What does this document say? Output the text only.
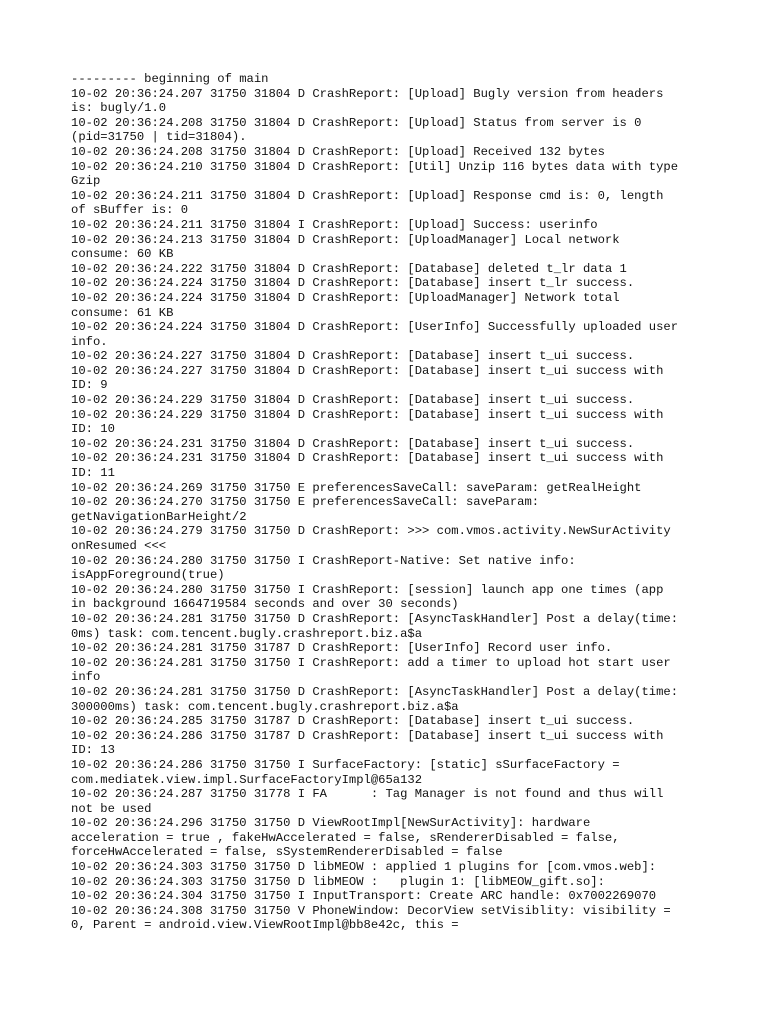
--------- beginning of main
10-02 20:36:24.207 31750 31804 D CrashReport: [Upload] Bugly version from headers
is: bugly/1.0
10-02 20:36:24.208 31750 31804 D CrashReport: [Upload] Status from server is 0
(pid=31750 | tid=31804).
10-02 20:36:24.208 31750 31804 D CrashReport: [Upload] Received 132 bytes
10-02 20:36:24.210 31750 31804 D CrashReport: [Util] Unzip 116 bytes data with type
Gzip
10-02 20:36:24.211 31750 31804 D CrashReport: [Upload] Response cmd is: 0, length
of sBuffer is: 0
10-02 20:36:24.211 31750 31804 I CrashReport: [Upload] Success: userinfo
10-02 20:36:24.213 31750 31804 D CrashReport: [UploadManager] Local network
consume: 60 KB
10-02 20:36:24.222 31750 31804 D CrashReport: [Database] deleted t_lr data 1
10-02 20:36:24.224 31750 31804 D CrashReport: [Database] insert t_lr success.
10-02 20:36:24.224 31750 31804 D CrashReport: [UploadManager] Network total
consume: 61 KB
10-02 20:36:24.224 31750 31804 D CrashReport: [UserInfo] Successfully uploaded user
info.
10-02 20:36:24.227 31750 31804 D CrashReport: [Database] insert t_ui success.
10-02 20:36:24.227 31750 31804 D CrashReport: [Database] insert t_ui success with
ID: 9
10-02 20:36:24.229 31750 31804 D CrashReport: [Database] insert t_ui success.
10-02 20:36:24.229 31750 31804 D CrashReport: [Database] insert t_ui success with
ID: 10
10-02 20:36:24.231 31750 31804 D CrashReport: [Database] insert t_ui success.
10-02 20:36:24.231 31750 31804 D CrashReport: [Database] insert t_ui success with
ID: 11
10-02 20:36:24.269 31750 31750 E preferencesSaveCall: saveParam: getRealHeight
10-02 20:36:24.270 31750 31750 E preferencesSaveCall: saveParam:
getNavigationBarHeight/2
10-02 20:36:24.279 31750 31750 D CrashReport: >>> com.vmos.activity.NewSurActivity
onResumed <<<
10-02 20:36:24.280 31750 31750 I CrashReport-Native: Set native info:
isAppForeground(true)
10-02 20:36:24.280 31750 31750 I CrashReport: [session] launch app one times (app
in background 1664719584 seconds and over 30 seconds)
10-02 20:36:24.281 31750 31750 D CrashReport: [AsyncTaskHandler] Post a delay(time:
0ms) task: com.tencent.bugly.crashreport.biz.a$a
10-02 20:36:24.281 31750 31787 D CrashReport: [UserInfo] Record user info.
10-02 20:36:24.281 31750 31750 I CrashReport: add a timer to upload hot start user
info
10-02 20:36:24.281 31750 31750 D CrashReport: [AsyncTaskHandler] Post a delay(time:
300000ms) task: com.tencent.bugly.crashreport.biz.a$a
10-02 20:36:24.285 31750 31787 D CrashReport: [Database] insert t_ui success.
10-02 20:36:24.286 31750 31787 D CrashReport: [Database] insert t_ui success with
ID: 13
10-02 20:36:24.286 31750 31750 I SurfaceFactory: [static] sSurfaceFactory =
com.mediatek.view.impl.SurfaceFactoryImpl@65a132
10-02 20:36:24.287 31750 31778 I FA      : Tag Manager is not found and thus will
not be used
10-02 20:36:24.296 31750 31750 D ViewRootImpl[NewSurActivity]: hardware
acceleration = true , fakeHwAccelerated = false, sRendererDisabled = false,
forceHwAccelerated = false, sSystemRendererDisabled = false
10-02 20:36:24.303 31750 31750 D libMEOW : applied 1 plugins for [com.vmos.web]:
10-02 20:36:24.303 31750 31750 D libMEOW :   plugin 1: [libMEOW_gift.so]:
10-02 20:36:24.304 31750 31750 I InputTransport: Create ARC handle: 0x7002269070
10-02 20:36:24.308 31750 31750 V PhoneWindow: DecorView setVisiblity: visibility =
0, Parent = android.view.ViewRootImpl@bb8e42c, this =
